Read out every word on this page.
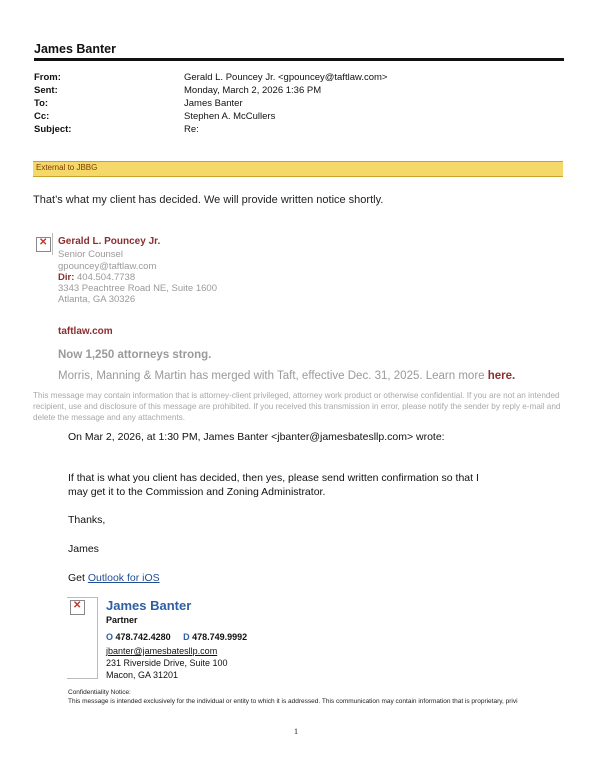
James Banter
From:	Gerald L. Pouncey Jr. <gpouncey@taftlaw.com>
Sent:	Monday, March 2, 2026 1:36 PM
To:	James Banter
Cc:	Stephen A. McCullers
Subject:	Re:
External to JBBG
That’s what my client has decided. We will provide written notice shortly.
✕
Gerald L. Pouncey Jr.
Senior Counsel
gpouncey@taftlaw.com
Dir: 404.504.7738
3343 Peachtree Road NE, Suite 1600
Atlanta, GA 30326
taftlaw.com
Now 1,250 attorneys strong.
Morris, Manning & Martin has merged with Taft, effective Dec. 31, 2025. Learn more here.
This message may contain information that is attorney-client privileged, attorney work product or otherwise confidential. If you are not an intended recipient, use and disclosure of this message are prohibited. If you received this transmission in error, please notify the sender by reply e-mail and delete the message and any attachments.
On Mar 2, 2026, at 1:30 PM, James Banter <jbanter@jamesbatesllp.com> wrote:
If that is what you client has decided, then yes, please send written confirmation so that I
may get it to the Commission and Zoning Administrator.
Thanks,
James
Get Outlook for iOS
✕
James Banter
Partner
O 478.742.4280 D 478.749.9992
jbanter@jamesbatesllp.com
231 Riverside Drive, Suite 100
Macon, GA 31201
Confidentiality Notice:
This message is intended exclusively for the individual or entity to which it is addressed. This communication may contain information that is proprietary, privi
1
